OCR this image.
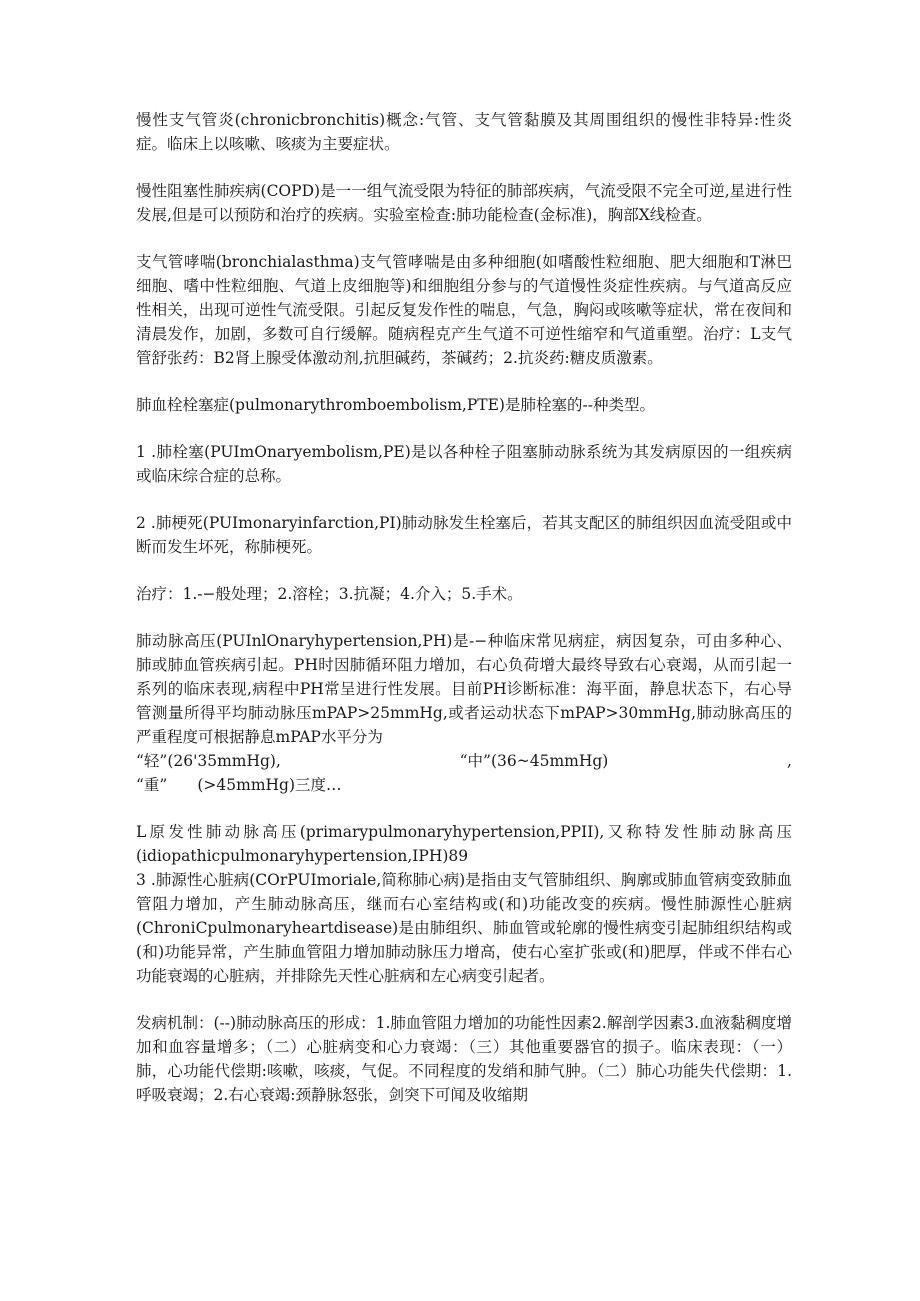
慢性支气管炎(chronicbronchitis)概念:气管、支气管黏膜及其周围组织的慢性非特异:性炎症。临床上以咳嗽、咳痰为主要症状。

慢性阻塞性肺疾病(COPD)是一一组气流受限为特征的肺部疾病，气流受限不完全可逆,星进行性发展,但是可以预防和治疗的疾病。实验室检查:肺功能检查(金标准)，胸部X线检查。

支气管哮喘(bronchialasthma)支气管哮喘是由多种细胞(如嗜酸性粒细胞、肥大细胞和T淋巴细胞、嗜中性粒细胞、气道上皮细胞等)和细胞组分参与的气道慢性炎症性疾病。与气道高反应性相关，出现可逆性气流受限。引起反复发作性的喘息，气急，胸闷或咳嗽等症状，常在夜间和清晨发作，加剧，多数可自行缓解。随病程克产生气道不可逆性缩窄和气道重塑。治疗：L支气管舒张药：B2肾上腺受体激动剂,抗胆碱药，茶碱药；2.抗炎药:糖皮质激素。

肺血栓栓塞症(pulmonarythromboembolism,PTE)是肺栓塞的--种类型。

1 .肺栓塞(PUImOnaryembolism,PE)是以各种栓子阻塞肺动脉系统为其发病原因的一组疾病或临床综合症的总称。

2 .肺梗死(PUImonaryinfarction,PI)肺动脉发生栓塞后，若其支配区的肺组织因血流受阻或中断而发生坏死，称肺梗死。

治疗：1.-−般处理；2.溶栓；3.抗凝；4.介入；5.手术。

肺动脉高压(PUInlOnaryhypertension,PH)是-−种临床常见病症，病因复杂，可由多种心、肺或肺血管疾病引起。PH时因肺循环阻力增加，右心负荷增大最终导致右心衰竭，从而引起一系列的临床表现,病程中PH常呈进行性发展。目前PH诊断标准：海平面，静息状态下，右心导管测量所得平均肺动脉压mPAP>25mmHg,或者运动状态下mPAP>30mmHg,肺动脉高压的严重程度可根据静息mPAP水平分为

“轻”(26'35mmHg),	“中”(36~45mmHg)	,
“重” (>45mmHg)三度…

L原发性肺动脉高压(primarypulmonaryhypertension,PPII),又称特发性肺动脉高压(idiopathicpulmonaryhypertension,IPH)89

3 .肺源性心脏病(COrPUImoriale,简称肺心病)是指由支气管肺组织、胸廓或肺血管病变致肺血管阻力增加，产生肺动脉高压，继而右心室结构或(和)功能改变的疾病。慢性肺源性心脏病(ChroniCpulmonaryheartdisease)是由肺组织、肺血管或轮廓的慢性病变引起肺组织结构或(和)功能异常，产生肺血管阻力增加肺动脉压力增高，使右心室扩张或(和)肥厚，伴或不伴右心功能衰竭的心脏病，并排除先天性心脏病和左心病变引起者。

发病机制：(--)肺动脉高压的形成：1.肺血管阻力增加的功能性因素2.解剖学因素3.血液黏稠度增加和血容量增多；（二）心脏病变和心力衰竭：（三）其他重要器官的损子。临床表现：（一）肺，心功能代偿期:咳嗽，咳痰，气促。不同程度的发绡和肺气肿。（二）肺心功能失代偿期：1.呼吸衰竭；2.右心衰竭:颈静脉怒张，剑突下可闻及收缩期
